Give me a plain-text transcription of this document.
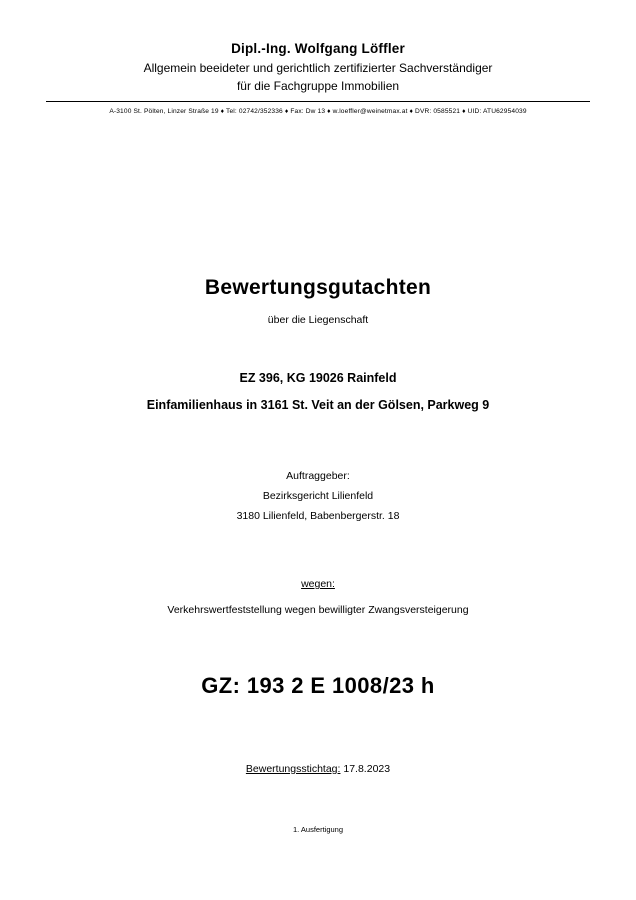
Dipl.-Ing. Wolfgang Löffler
Allgemein beeideter und gerichtlich zertifizierter Sachverständiger
für die Fachgruppe Immobilien
A-3100 St. Pölten, Linzer Straße 19 ♦ Tel: 02742/352336 ♦ Fax: Dw 13 ♦ w.loeffler@weinetmax.at ♦ DVR: 0585521 ♦ UID: ATU62954039
Bewertungsgutachten
über die Liegenschaft
EZ 396, KG 19026 Rainfeld
Einfamilienhaus in 3161 St. Veit an der Gölsen, Parkweg 9
Auftraggeber:
Bezirksgericht Lilienfeld
3180 Lilienfeld, Babenbergerstr. 18
wegen:
Verkehrswertfeststellung wegen bewilligter Zwangsversteigerung
GZ: 193 2 E 1008/23 h
Bewertungsstichtag: 17.8.2023
1. Ausfertigung
